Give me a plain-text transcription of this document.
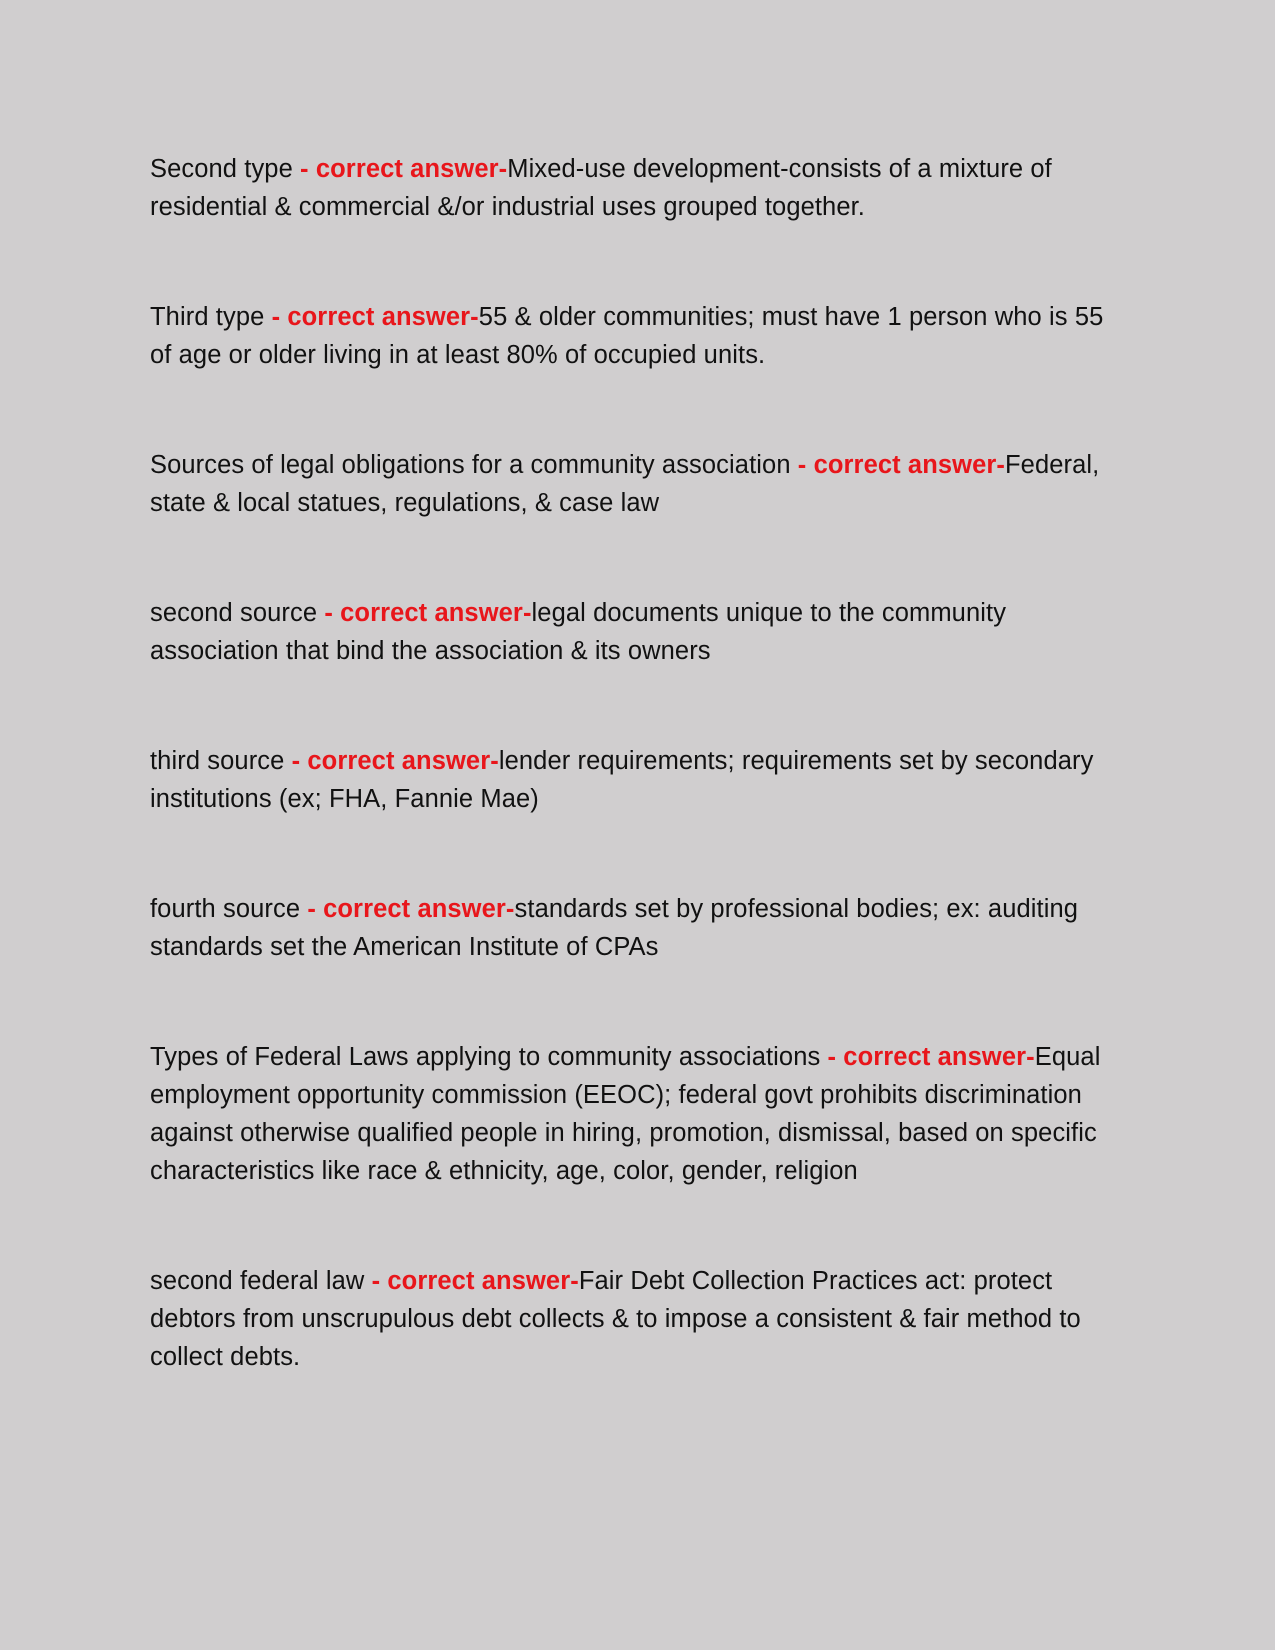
Second type - correct answer-Mixed-use development-consists of a mixture of residential & commercial &/or industrial uses grouped together.

Third type - correct answer-55 & older communities; must have 1 person who is 55 of age or older living in at least 80% of occupied units.

Sources of legal obligations for a community association - correct answer-Federal, state & local statues, regulations, & case law

second source - correct answer-legal documents unique to the community association that bind the association & its owners

third source - correct answer-lender requirements; requirements set by secondary institutions (ex; FHA, Fannie Mae)

fourth source - correct answer-standards set by professional bodies; ex: auditing standards set the American Institute of CPAs

Types of Federal Laws applying to community associations - correct answer-Equal employment opportunity commission (EEOC); federal govt prohibits discrimination against otherwise qualified people in hiring, promotion, dismissal, based on specific characteristics like race & ethnicity, age, color, gender, religion

second federal law - correct answer-Fair Debt Collection Practices act: protect debtors from unscrupulous debt collects & to impose a consistent & fair method to collect debts.
